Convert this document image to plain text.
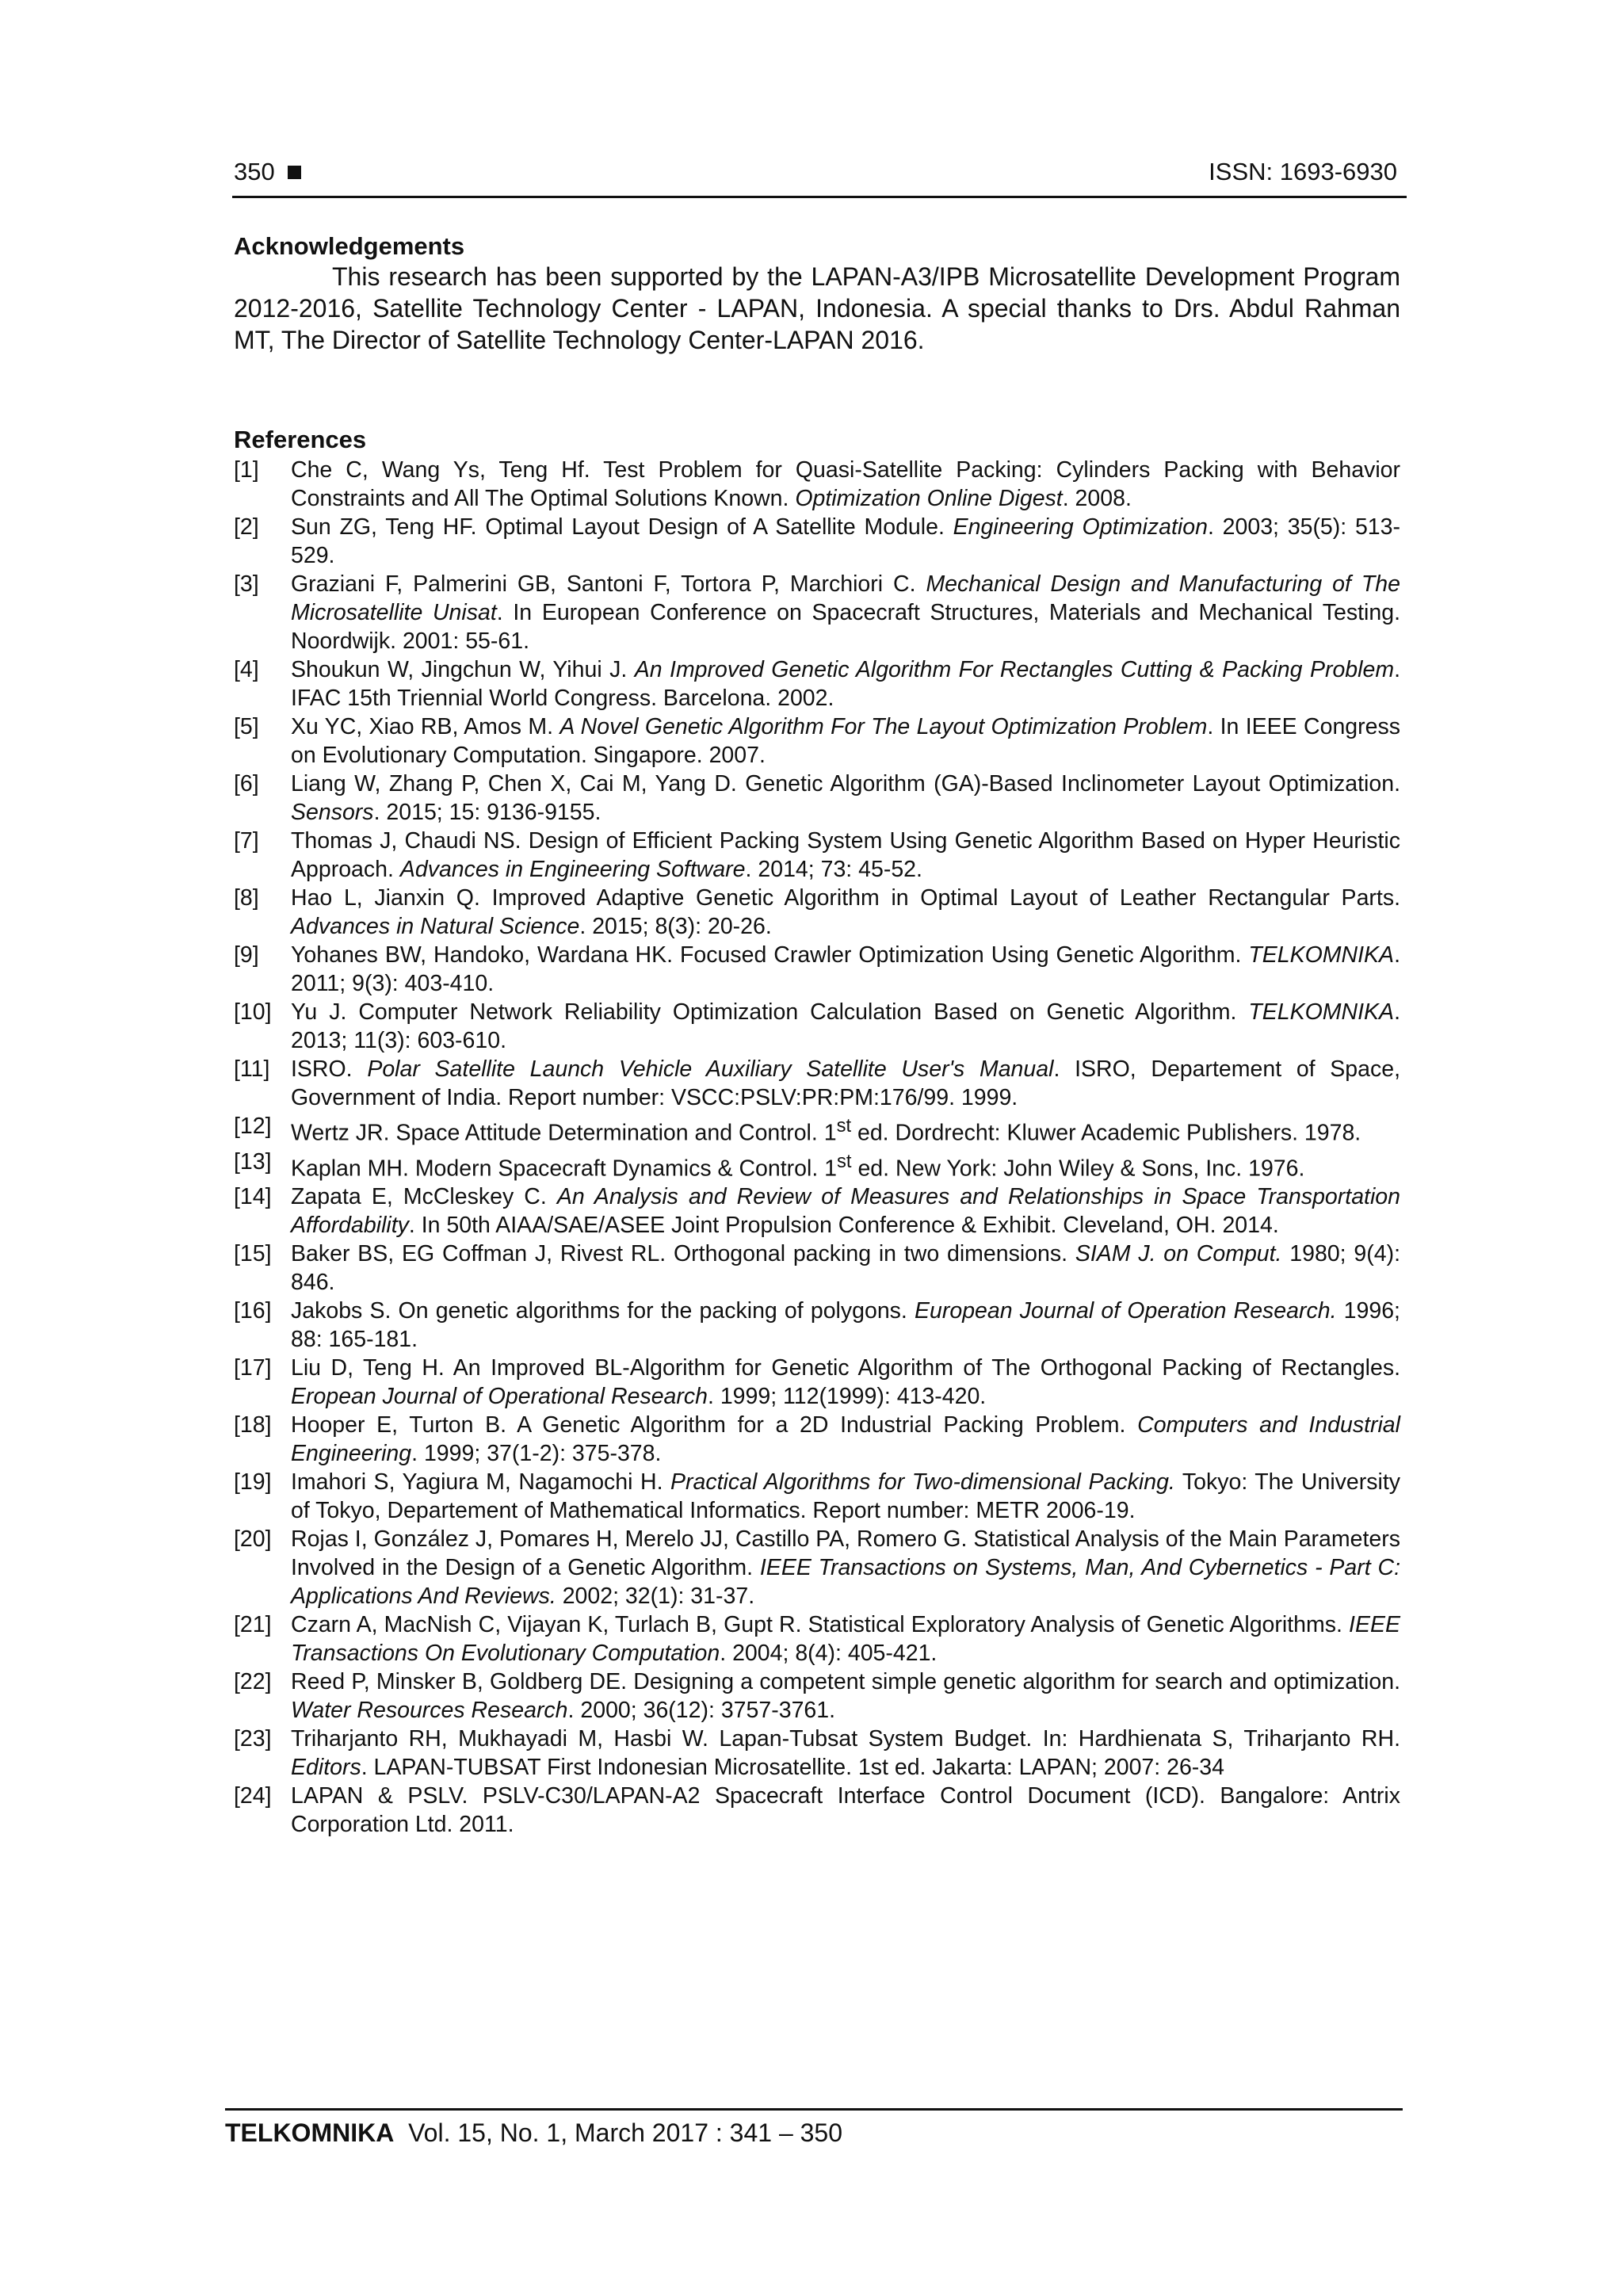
350	ISSN: 1693-6930

Acknowledgements

This research has been supported by the LAPAN-A3/IPB Microsatellite Development Program 2012-2016, Satellite Technology Center - LAPAN, Indonesia. A special thanks to Drs. Abdul Rahman MT, The Director of Satellite Technology Center-LAPAN 2016.

References

[1] Che C, Wang Ys, Teng Hf. Test Problem for Quasi-Satellite Packing: Cylinders Packing with Behavior Constraints and All The Optimal Solutions Known. Optimization Online Digest. 2008.
[2] Sun ZG, Teng HF. Optimal Layout Design of A Satellite Module. Engineering Optimization. 2003; 35(5): 513-529.
[3] Graziani F, Palmerini GB, Santoni F, Tortora P, Marchiori C. Mechanical Design and Manufacturing of The Microsatellite Unisat. In European Conference on Spacecraft Structures, Materials and Mechanical Testing. Noordwijk. 2001: 55-61.
[4] Shoukun W, Jingchun W, Yihui J. An Improved Genetic Algorithm For Rectangles Cutting & Packing Problem. IFAC 15th Triennial World Congress. Barcelona. 2002.
[5] Xu YC, Xiao RB, Amos M. A Novel Genetic Algorithm For The Layout Optimization Problem. In IEEE Congress on Evolutionary Computation. Singapore. 2007.
[6] Liang W, Zhang P, Chen X, Cai M, Yang D. Genetic Algorithm (GA)-Based Inclinometer Layout Optimization. Sensors. 2015; 15: 9136-9155.
[7] Thomas J, Chaudi NS. Design of Efficient Packing System Using Genetic Algorithm Based on Hyper Heuristic Approach. Advances in Engineering Software. 2014; 73: 45-52.
[8] Hao L, Jianxin Q. Improved Adaptive Genetic Algorithm in Optimal Layout of Leather Rectangular Parts. Advances in Natural Science. 2015; 8(3): 20-26.
[9] Yohanes BW, Handoko, Wardana HK. Focused Crawler Optimization Using Genetic Algorithm. TELKOMNIKA. 2011; 9(3): 403-410.
[10] Yu J. Computer Network Reliability Optimization Calculation Based on Genetic Algorithm. TELKOMNIKA. 2013; 11(3): 603-610.
[11] ISRO. Polar Satellite Launch Vehicle Auxiliary Satellite User's Manual. ISRO, Departement of Space, Government of India. Report number: VSCC:PSLV:PR:PM:176/99. 1999.
[12] Wertz JR. Space Attitude Determination and Control. 1st ed. Dordrecht: Kluwer Academic Publishers. 1978.
[13] Kaplan MH. Modern Spacecraft Dynamics & Control. 1st ed. New York: John Wiley & Sons, Inc. 1976.
[14] Zapata E, McCleskey C. An Analysis and Review of Measures and Relationships in Space Transportation Affordability. In 50th AIAA/SAE/ASEE Joint Propulsion Conference & Exhibit. Cleveland, OH. 2014.
[15] Baker BS, EG Coffman J, Rivest RL. Orthogonal packing in two dimensions. SIAM J. on Comput. 1980; 9(4): 846.
[16] Jakobs S. On genetic algorithms for the packing of polygons. European Journal of Operation Research. 1996; 88: 165-181.
[17] Liu D, Teng H. An Improved BL-Algorithm for Genetic Algorithm of The Orthogonal Packing of Rectangles. Eropean Journal of Operational Research. 1999; 112(1999): 413-420.
[18] Hooper E, Turton B. A Genetic Algorithm for a 2D Industrial Packing Problem. Computers and Industrial Engineering. 1999; 37(1-2): 375-378.
[19] Imahori S, Yagiura M, Nagamochi H. Practical Algorithms for Two-dimensional Packing. Tokyo: The University of Tokyo, Departement of Mathematical Informatics. Report number: METR 2006-19.
[20] Rojas I, González J, Pomares H, Merelo JJ, Castillo PA, Romero G. Statistical Analysis of the Main Parameters Involved in the Design of a Genetic Algorithm. IEEE Transactions on Systems, Man, And Cybernetics - Part C: Applications And Reviews. 2002; 32(1): 31-37.
[21] Czarn A, MacNish C, Vijayan K, Turlach B, Gupt R. Statistical Exploratory Analysis of Genetic Algorithms. IEEE Transactions On Evolutionary Computation. 2004; 8(4): 405-421.
[22] Reed P, Minsker B, Goldberg DE. Designing a competent simple genetic algorithm for search and optimization. Water Resources Research. 2000; 36(12): 3757-3761.
[23] Triharjanto RH, Mukhayadi M, Hasbi W. Lapan-Tubsat System Budget. In: Hardhienata S, Triharjanto RH. Editors. LAPAN-TUBSAT First Indonesian Microsatellite. 1st ed. Jakarta: LAPAN; 2007: 26-34
[24] LAPAN & PSLV. PSLV-C30/LAPAN-A2 Spacecraft Interface Control Document (ICD). Bangalore: Antrix Corporation Ltd. 2011.
TELKOMNIKA Vol. 15, No. 1, March 2017 : 341 – 350
